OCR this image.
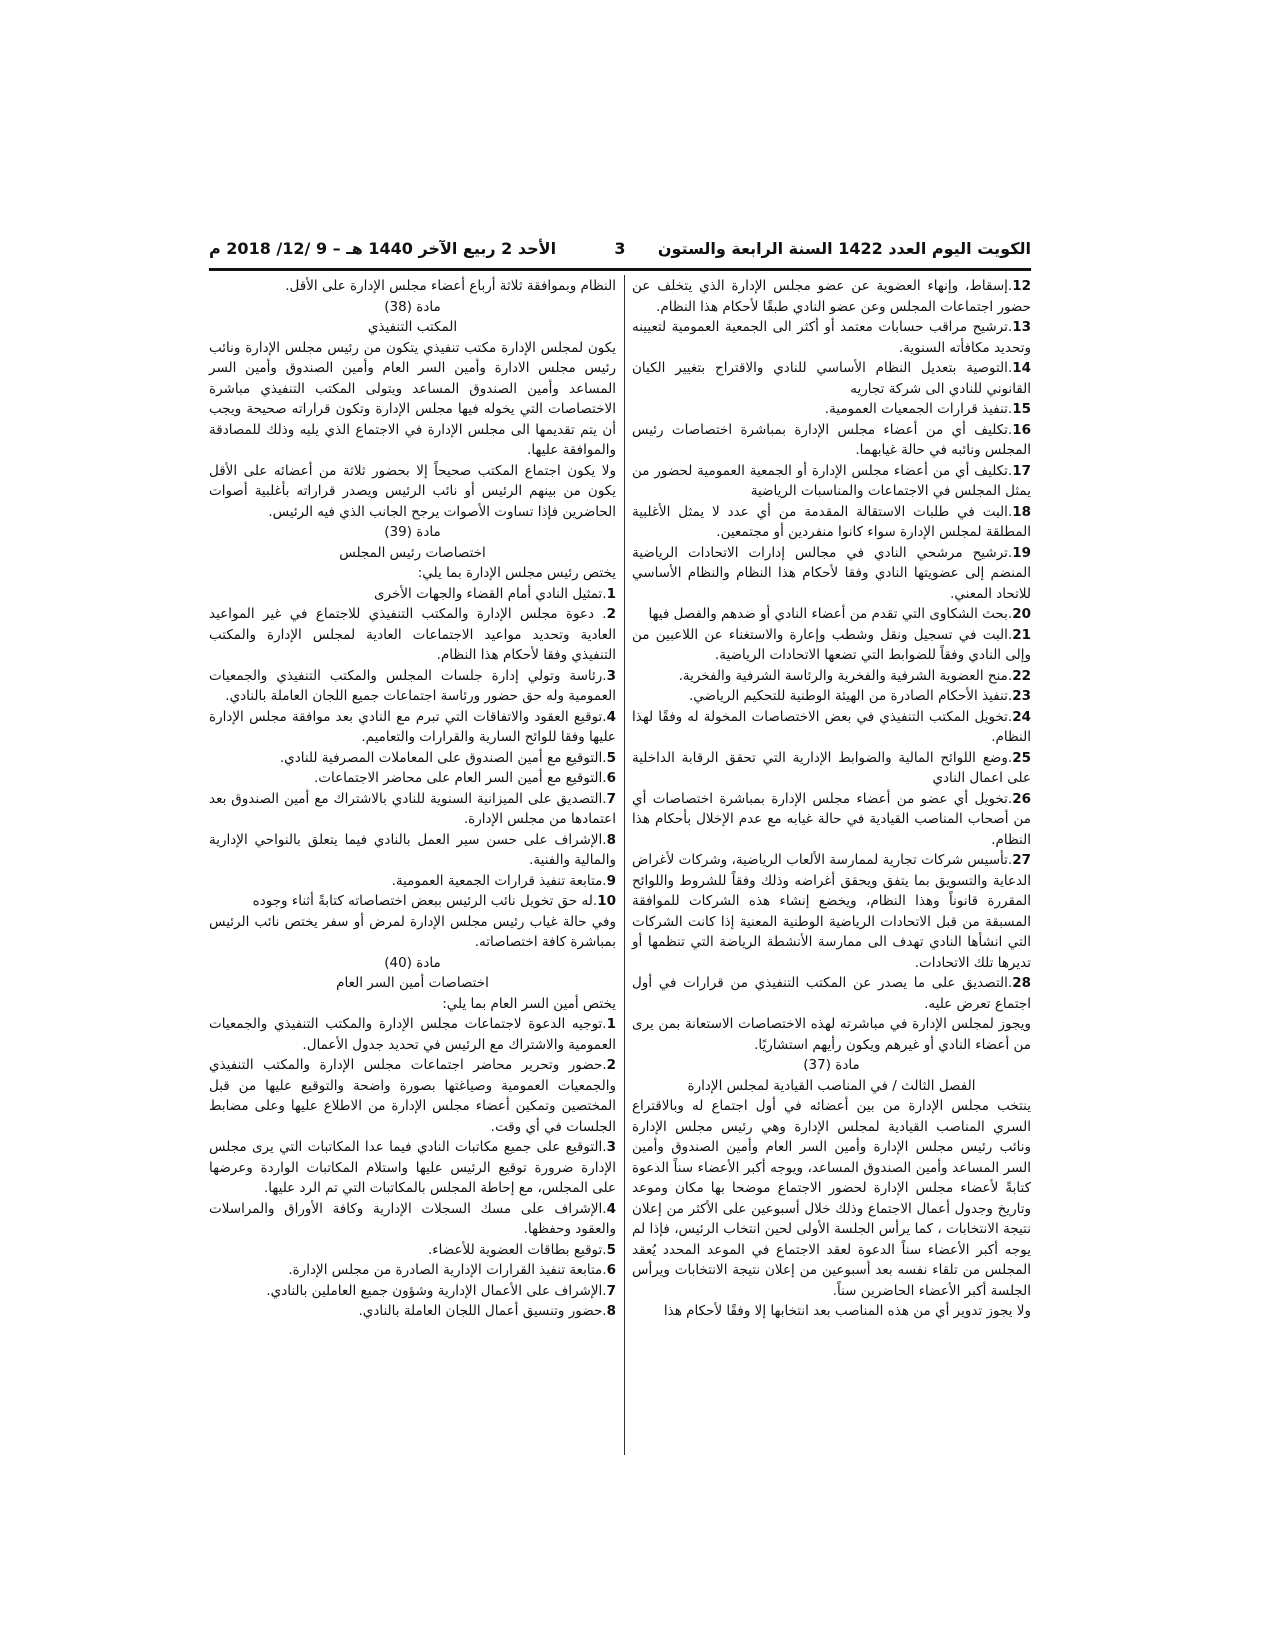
الكويت اليوم العدد 1422 السنة الرابعة والستون
3
الأحد 2 ربيع الآخر 1440 هـ – 9 /12/ 2018 م

12.إسقاط، وإنهاء العضوية عن عضو مجلس الإدارة الذي يتخلف عن حضور اجتماعات المجلس وعن عضو النادي طبقًا لأحكام هذا النظام.

13.ترشيح مراقب حسابات معتمد أو أكثر الى الجمعية العمومية لتعيينه وتحديد مكافأته السنوية.

14.التوصية بتعديل النظام الأساسي للنادي والاقتراح بتغيير الكيان القانوني للنادي الى شركة تجاريه

15.تنفيذ قرارات الجمعيات العمومية.

16.تكليف أي من أعضاء مجلس الإدارة بمباشرة اختصاصات رئيس المجلس ونائبه في حالة غيابهما.

17.تكليف أي من أعضاء مجلس الإدارة أو الجمعية العمومية لحضور من يمثل المجلس في الاجتماعات والمناسبات الرياضية

18.البت في طلبات الاستقالة المقدمة من أي عدد لا يمثل الأغلبية المطلقة لمجلس الإدارة سواء كانوا منفردين أو مجتمعين.

19.ترشيح مرشحي النادي في مجالس إدارات الاتحادات الرياضية المنضم إلى عضويتها النادي وفقا لأحكام هذا النظام والنظام الأساسي للاتحاد المعني.

20.بحث الشكاوى التي تقدم من أعضاء النادي أو ضدهم والفصل فيها

21.البت في تسجيل ونقل وشطب وإعارة والاستغناء عن اللاعبين من وإلى النادي وفقاً للضوابط التي تضعها الاتحادات الرياضية.

22.منح العضوية الشرفية والفخرية والرئاسة الشرفية والفخرية.

23.تنفيذ الأحكام الصادرة من الهيئة الوطنية للتحكيم الرياضي.

24.تخويل المكتب التنفيذي في بعض الاختصاصات المخولة له وفقًا لهذا النظام.

25.وضع اللوائح المالية والضوابط الإدارية التي تحقق الرقابة الداخلية على اعمال النادي

26.تخويل أي عضو من أعضاء مجلس الإدارة بمباشرة اختصاصات أي من أصحاب المناصب القيادية في حالة غيابه مع عدم الإخلال بأحكام هذا النظام.

27.تأسيس شركات تجارية لممارسة الألعاب الرياضية، وشركات لأغراض الدعاية والتسويق بما يتفق ويحقق أغراضه وذلك وفقاً للشروط واللوائح المقررة قانوناً وهذا النظام، ويخضع إنشاء هذه الشركات للموافقة المسبقة من قبل الاتحادات الرياضية الوطنية المعنية إذا كانت الشركات التي انشأها النادي تهدف الى ممارسة الأنشطة الرياضة التي تنظمها أو تديرها تلك الاتحادات.

28.التصديق على ما يصدر عن المكتب التنفيذي من قرارات في أول اجتماع تعرض عليه.

ويجوز لمجلس الإدارة في مباشرته لهذه الاختصاصات الاستعانة بمن يرى من أعضاء النادي أو غيرهم ويكون رأيهم استشاريًا.

مادة (37)

الفصل الثالث / في المناصب القيادية لمجلس الإدارة

ينتخب مجلس الإدارة من بين أعضائه في أول اجتماع له وبالاقتراع السري المناصب القيادية لمجلس الإدارة وهي رئيس مجلس الإدارة ونائب رئيس مجلس الإدارة وأمين السر العام وأمين الصندوق وأمين السر المساعد وأمين الصندوق المساعد، ويوجه أكبر الأعضاء سناً الدعوة كتابةً لأعضاء مجلس الإدارة لحضور الاجتماع موضحا بها مكان وموعد وتاريخ وجدول أعمال الاجتماع وذلك خلال أسبوعين على الأكثر من إعلان نتيجة الانتخابات ، كما يرأس الجلسة الأولى لحين انتخاب الرئيس، فإذا لم يوجه أكبر الأعضاء سناً الدعوة لعقد الاجتماع في الموعد المحدد يُعقد المجلس من تلقاء نفسه بعد أسبوعين من إعلان نتيجة الانتخابات ويرأس الجلسة أكبر الأعضاء الحاضرين سناً.

ولا يجوز تدوير أي من هذه المناصب بعد انتخابها إلا وفقًا لأحكام هذا

النظام وبموافقة ثلاثة أرباع أعضاء مجلس الإدارة على الأقل.

مادة (38)

المكتب التنفيذي

يكون لمجلس الإدارة مكتب تنفيذي يتكون من رئيس مجلس الإدارة ونائب رئيس مجلس الادارة وأمين السر العام وأمين الصندوق وأمين السر المساعد وأمين الصندوق المساعد ويتولى المكتب التنفيذي مباشرة الاختصاصات التي يخوله فيها مجلس الإدارة وتكون قراراته صحيحة ويجب أن يتم تقديمها الى مجلس الإدارة في الاجتماع الذي يليه وذلك للمصادقة والموافقة عليها.

ولا يكون اجتماع المكتب صحيحاً إلا بحضور ثلاثة من أعضائه على الأقل يكون من بينهم الرئيس أو نائب الرئيس ويصدر قراراته بأغلبية أصوات الحاضرين فإذا تساوت الأصوات يرجح الجانب الذي فيه الرئيس.

مادة (39)

اختصاصات رئيس المجلس

يختص رئيس مجلس الإدارة بما يلي:

1.تمثيل النادي أمام القضاء والجهات الأخرى

2. دعوة مجلس الإدارة والمكتب التنفيذي للاجتماع في غير المواعيد العادية وتحديد مواعيد الاجتماعات العادية لمجلس الإدارة والمكتب التنفيذي وفقا لأحكام هذا النظام.

3.رئاسة وتولي إدارة جلسات المجلس والمكتب التنفيذي والجمعيات العمومية وله حق حضور ورئاسة اجتماعات جميع اللجان العاملة بالنادي.

4.توقيع العقود والاتفاقات التي تبرم مع النادي بعد موافقة مجلس الإدارة عليها وفقا للوائح السارية والقرارات والتعاميم.

5.التوقيع مع أمين الصندوق على المعاملات المصرفية للنادي.

6.التوقيع مع أمين السر العام على محاضر الاجتماعات.

7.التصديق على الميزانية السنوية للنادي بالاشتراك مع أمين الصندوق بعد اعتمادها من مجلس الإدارة.

8.الإشراف على حسن سير العمل بالنادي فيما يتعلق بالنواحي الإدارية والمالية والفنية.

9.متابعة تنفيذ قرارات الجمعية العمومية.

10.له حق تخويل نائب الرئيس ببعض اختصاصاته كتابةً أثناء وجوده

وفي حالة غياب رئيس مجلس الإدارة لمرض أو سفر يختص نائب الرئيس بمباشرة كافة اختصاصاته.

مادة (40)

اختصاصات أمين السر العام

يختص أمين السر العام بما يلي:

1.توجيه الدعوة لاجتماعات مجلس الإدارة والمكتب التنفيذي والجمعيات العمومية والاشتراك مع الرئيس في تحديد جدول الأعمال.

2.حضور وتحرير محاضر اجتماعات مجلس الإدارة والمكتب التنفيذي والجمعيات العمومية وصياغتها بصورة واضحة والتوقيع عليها من قبل المختصين وتمكين أعضاء مجلس الإدارة من الاطلاع عليها وعلى مضابط الجلسات في أي وقت.

3.التوقيع على جميع مكاتبات النادي فيما عدا المكاتبات التي يرى مجلس الإدارة ضرورة توقيع الرئيس عليها واستلام المكاتبات الواردة وعرضها على المجلس، مع إحاطة المجلس بالمكاتبات التي تم الرد عليها.

4.الإشراف على مسك السجلات الإدارية وكافة الأوراق والمراسلات والعقود وحفظها.

5.توقيع بطاقات العضوية للأعضاء.

6.متابعة تنفيذ القرارات الإدارية الصادرة من مجلس الإدارة.

7.الإشراف على الأعمال الإدارية وشؤون جميع العاملين بالنادي.

8.حضور وتنسيق أعمال اللجان العاملة بالنادي.
